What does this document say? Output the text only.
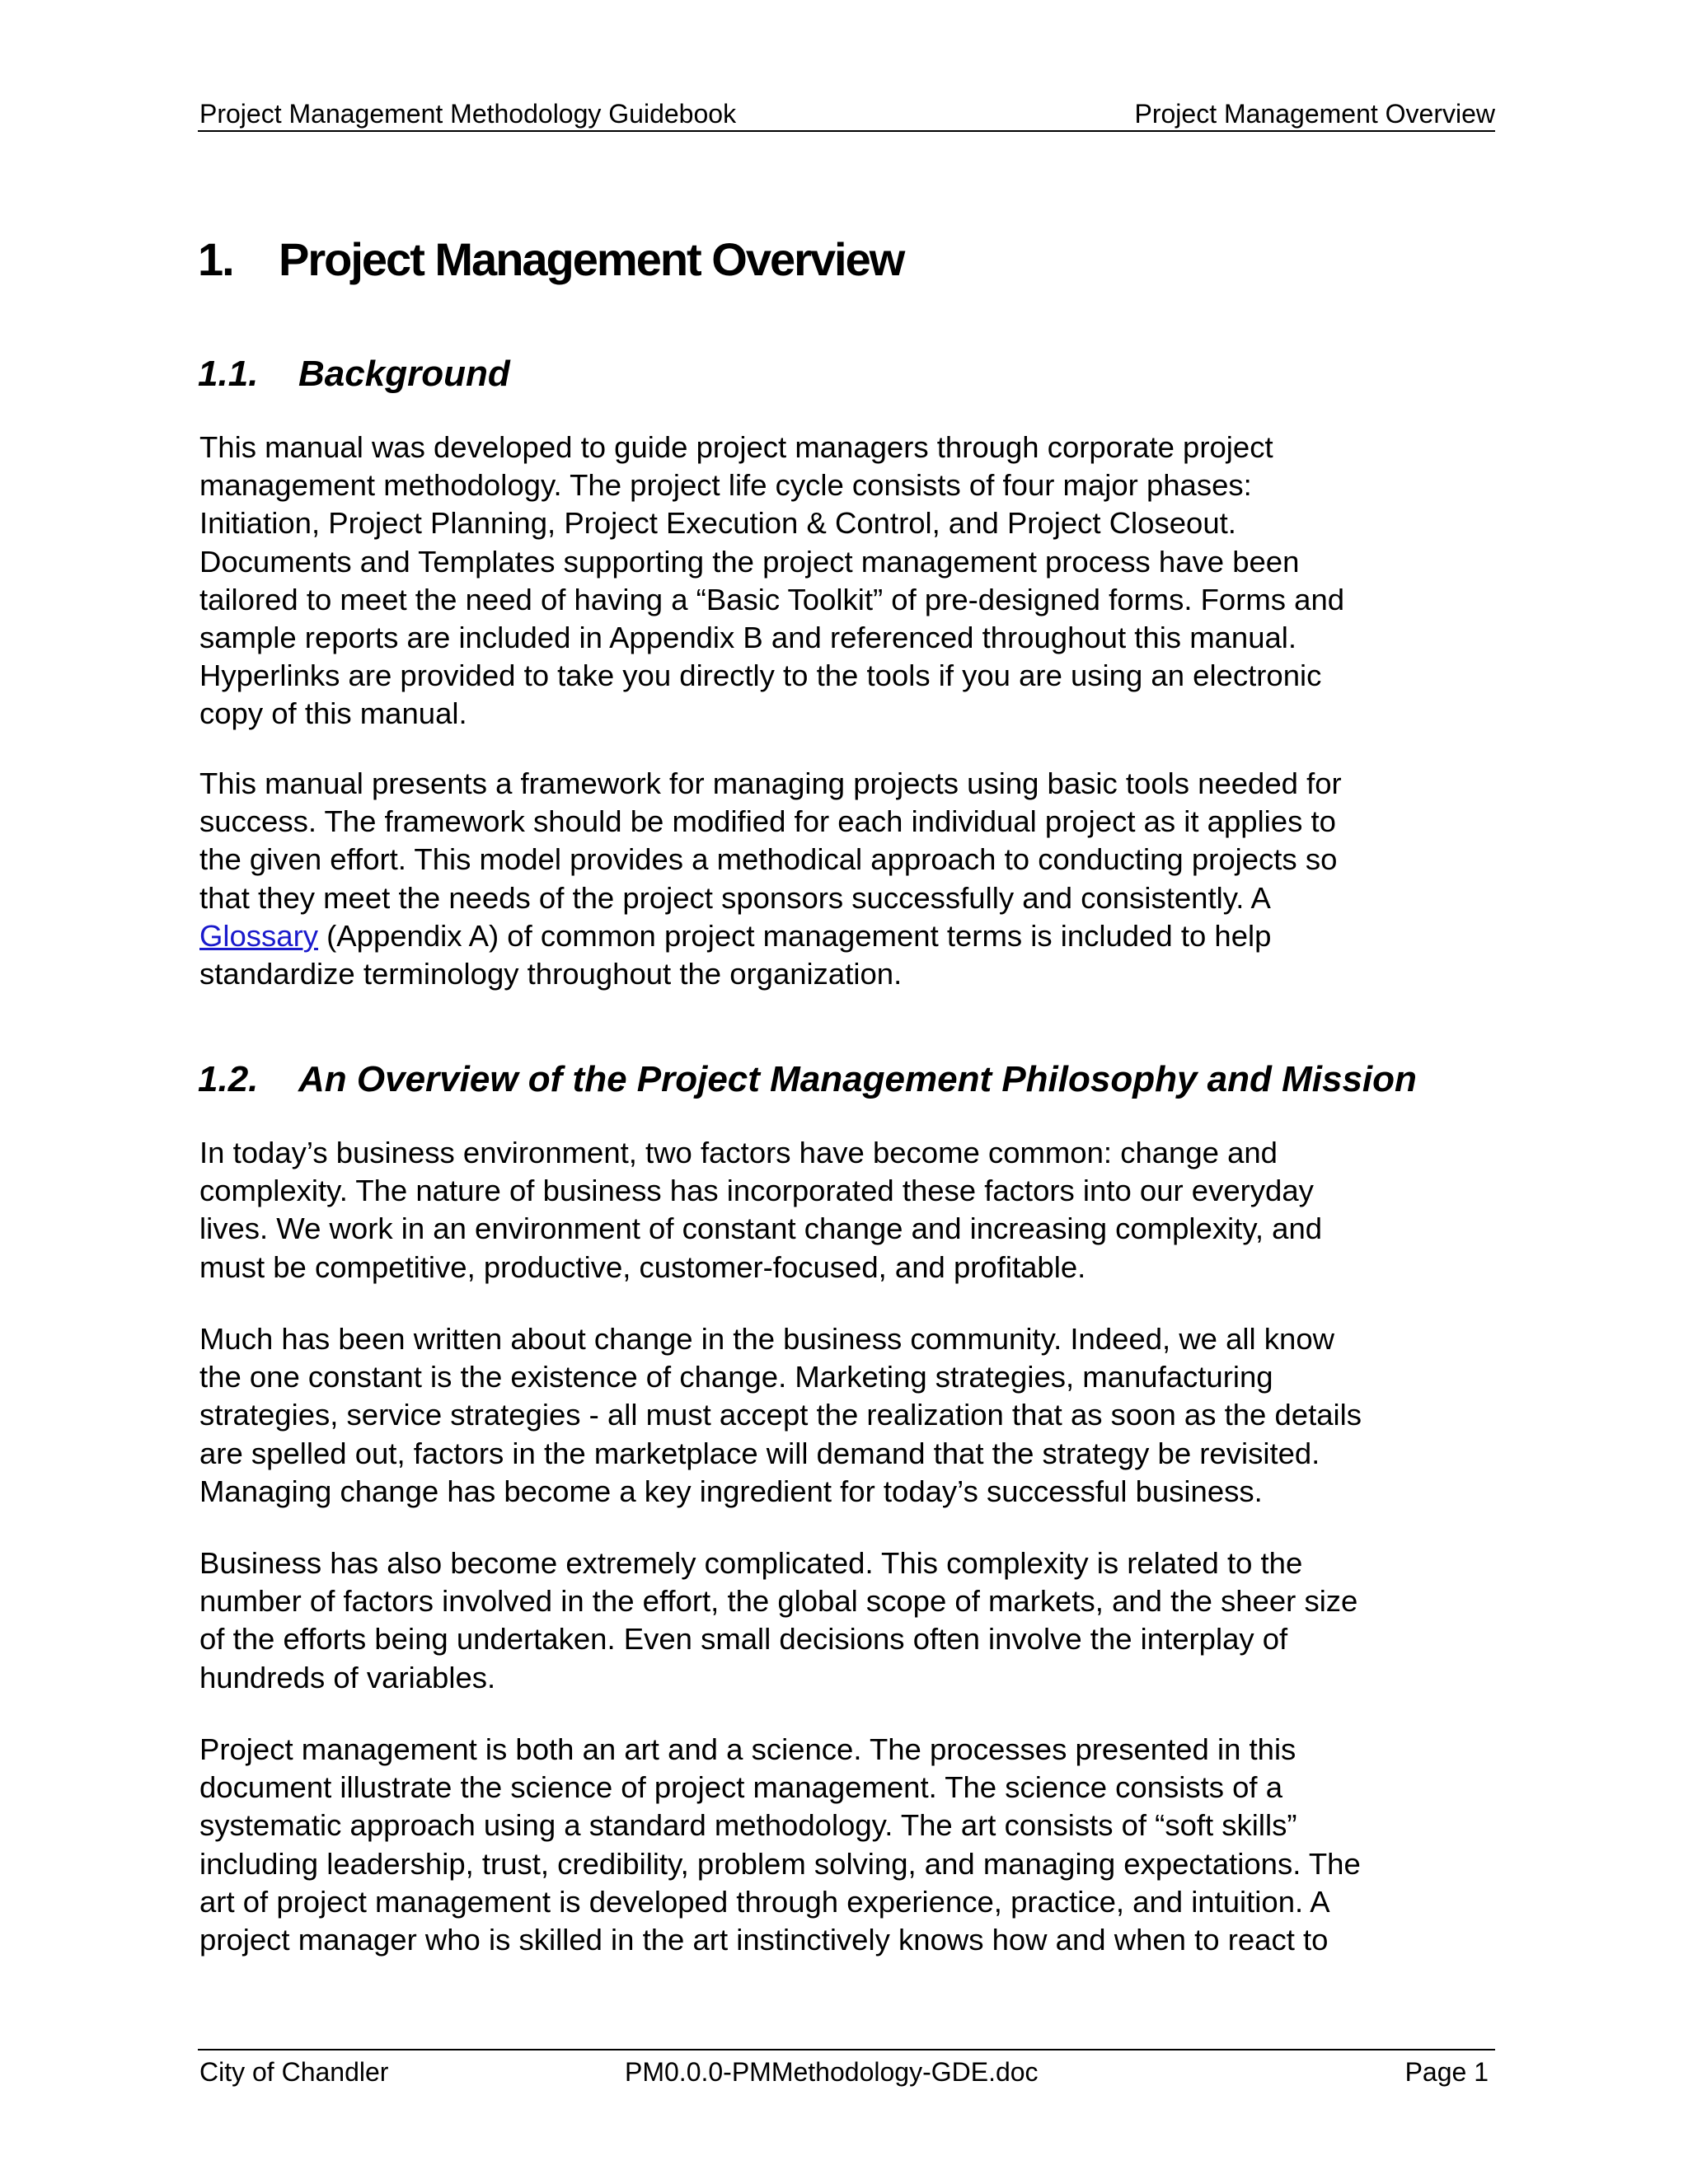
Project Management Methodology Guidebook	Project Management Overview
1. Project Management Overview
1.1. Background

This manual was developed to guide project managers through corporate project
management methodology. The project life cycle consists of four major phases:
Initiation, Project Planning, Project Execution & Control, and Project Closeout.
Documents and Templates supporting the project management process have been
tailored to meet the need of having a “Basic Toolkit” of pre-designed forms. Forms and
sample reports are included in Appendix B and referenced throughout this manual.
Hyperlinks are provided to take you directly to the tools if you are using an electronic
copy of this manual.

This manual presents a framework for managing projects using basic tools needed for
success. The framework should be modified for each individual project as it applies to
the given effort. This model provides a methodical approach to conducting projects so
that they meet the needs of the project sponsors successfully and consistently. A
Glossary (Appendix A) of common project management terms is included to help
standardize terminology throughout the organization.

1.2. An Overview of the Project Management Philosophy and Mission

In today’s business environment, two factors have become common: change and
complexity. The nature of business has incorporated these factors into our everyday
lives. We work in an environment of constant change and increasing complexity, and
must be competitive, productive, customer-focused, and profitable.

Much has been written about change in the business community. Indeed, we all know
the one constant is the existence of change. Marketing strategies, manufacturing
strategies, service strategies - all must accept the realization that as soon as the details
are spelled out, factors in the marketplace will demand that the strategy be revisited.
Managing change has become a key ingredient for today’s successful business.

Business has also become extremely complicated. This complexity is related to the
number of factors involved in the effort, the global scope of markets, and the sheer size
of the efforts being undertaken. Even small decisions often involve the interplay of
hundreds of variables.

Project management is both an art and a science. The processes presented in this
document illustrate the science of project management. The science consists of a
systematic approach using a standard methodology. The art consists of “soft skills”
including leadership, trust, credibility, problem solving, and managing expectations. The
art of project management is developed through experience, practice, and intuition. A
project manager who is skilled in the art instinctively knows how and when to react to

City of Chandler	PM0.0.0-PMMethodology-GDE.doc	Page 1
